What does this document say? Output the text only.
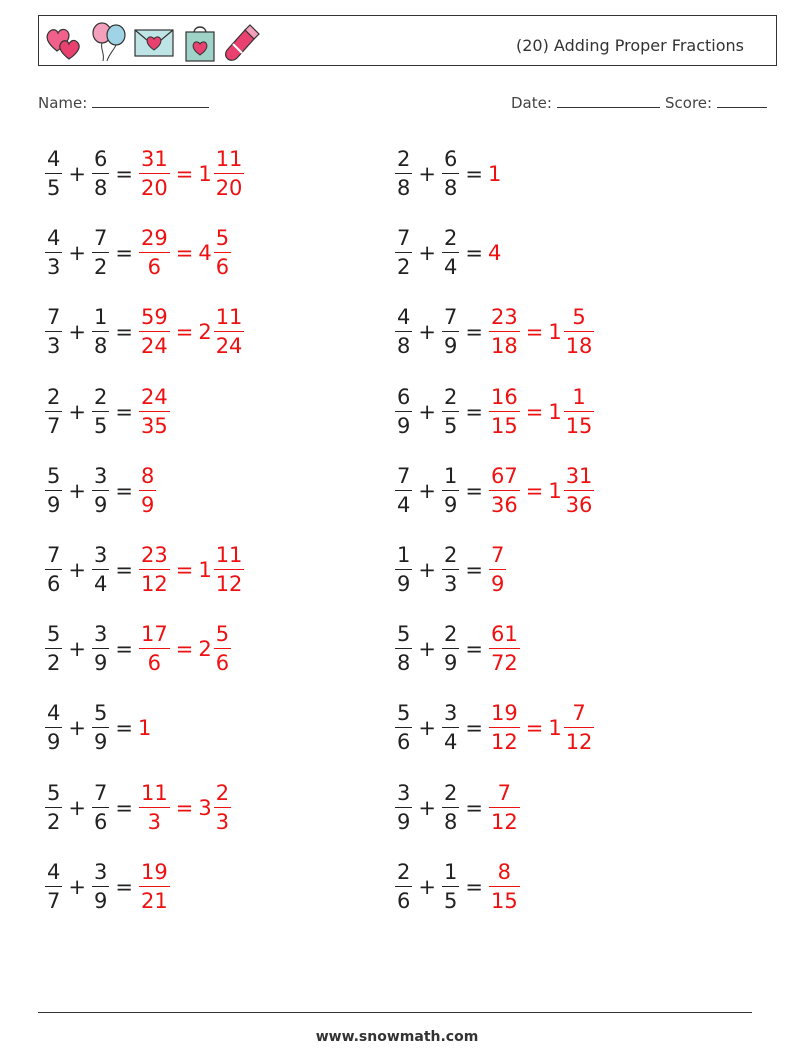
(20) Adding Proper Fractions
Name:	Date:	Score:
$\frac{4}{5} + \frac{6}{8} = \frac{31}{20} = 1 \frac{11}{20}$	$\frac{2}{8} + \frac{6}{8} = 1$
$\frac{4}{3} + \frac{7}{2} = \frac{29}{6} = 4 \frac{5}{6}$	$\frac{7}{2} + \frac{2}{4} = 4$
$\frac{7}{3} + \frac{1}{8} = \frac{59}{24} = 2 \frac{11}{24}$	$\frac{4}{8} + \frac{7}{9} = \frac{23}{18} = 1 \frac{5}{18}$
$\frac{2}{7} + \frac{2}{5} = \frac{24}{35}$	$\frac{6}{9} + \frac{2}{5} = \frac{16}{15} = 1 \frac{1}{15}$
$\frac{5}{9} + \frac{3}{9} = \frac{8}{9}$	$\frac{7}{4} + \frac{1}{9} = \frac{67}{36} = 1 \frac{31}{36}$
$\frac{7}{6} + \frac{3}{4} = \frac{23}{12} = 1 \frac{11}{12}$	$\frac{1}{9} + \frac{2}{3} = \frac{7}{9}$
$\frac{5}{2} + \frac{3}{9} = \frac{17}{6} = 2 \frac{5}{6}$	$\frac{5}{8} + \frac{2}{9} = \frac{61}{72}$
$\frac{4}{9} + \frac{5}{9} = 1$	$\frac{5}{6} + \frac{3}{4} = \frac{19}{12} = 1 \frac{7}{12}$
$\frac{5}{2} + \frac{7}{6} = \frac{11}{3} = 3 \frac{2}{3}$	$\frac{3}{9} + \frac{2}{8} = \frac{7}{12}$
$\frac{4}{7} + \frac{3}{9} = \frac{19}{21}$	$\frac{2}{6} + \frac{1}{5} = \frac{8}{15}$
www.snowmath.com
